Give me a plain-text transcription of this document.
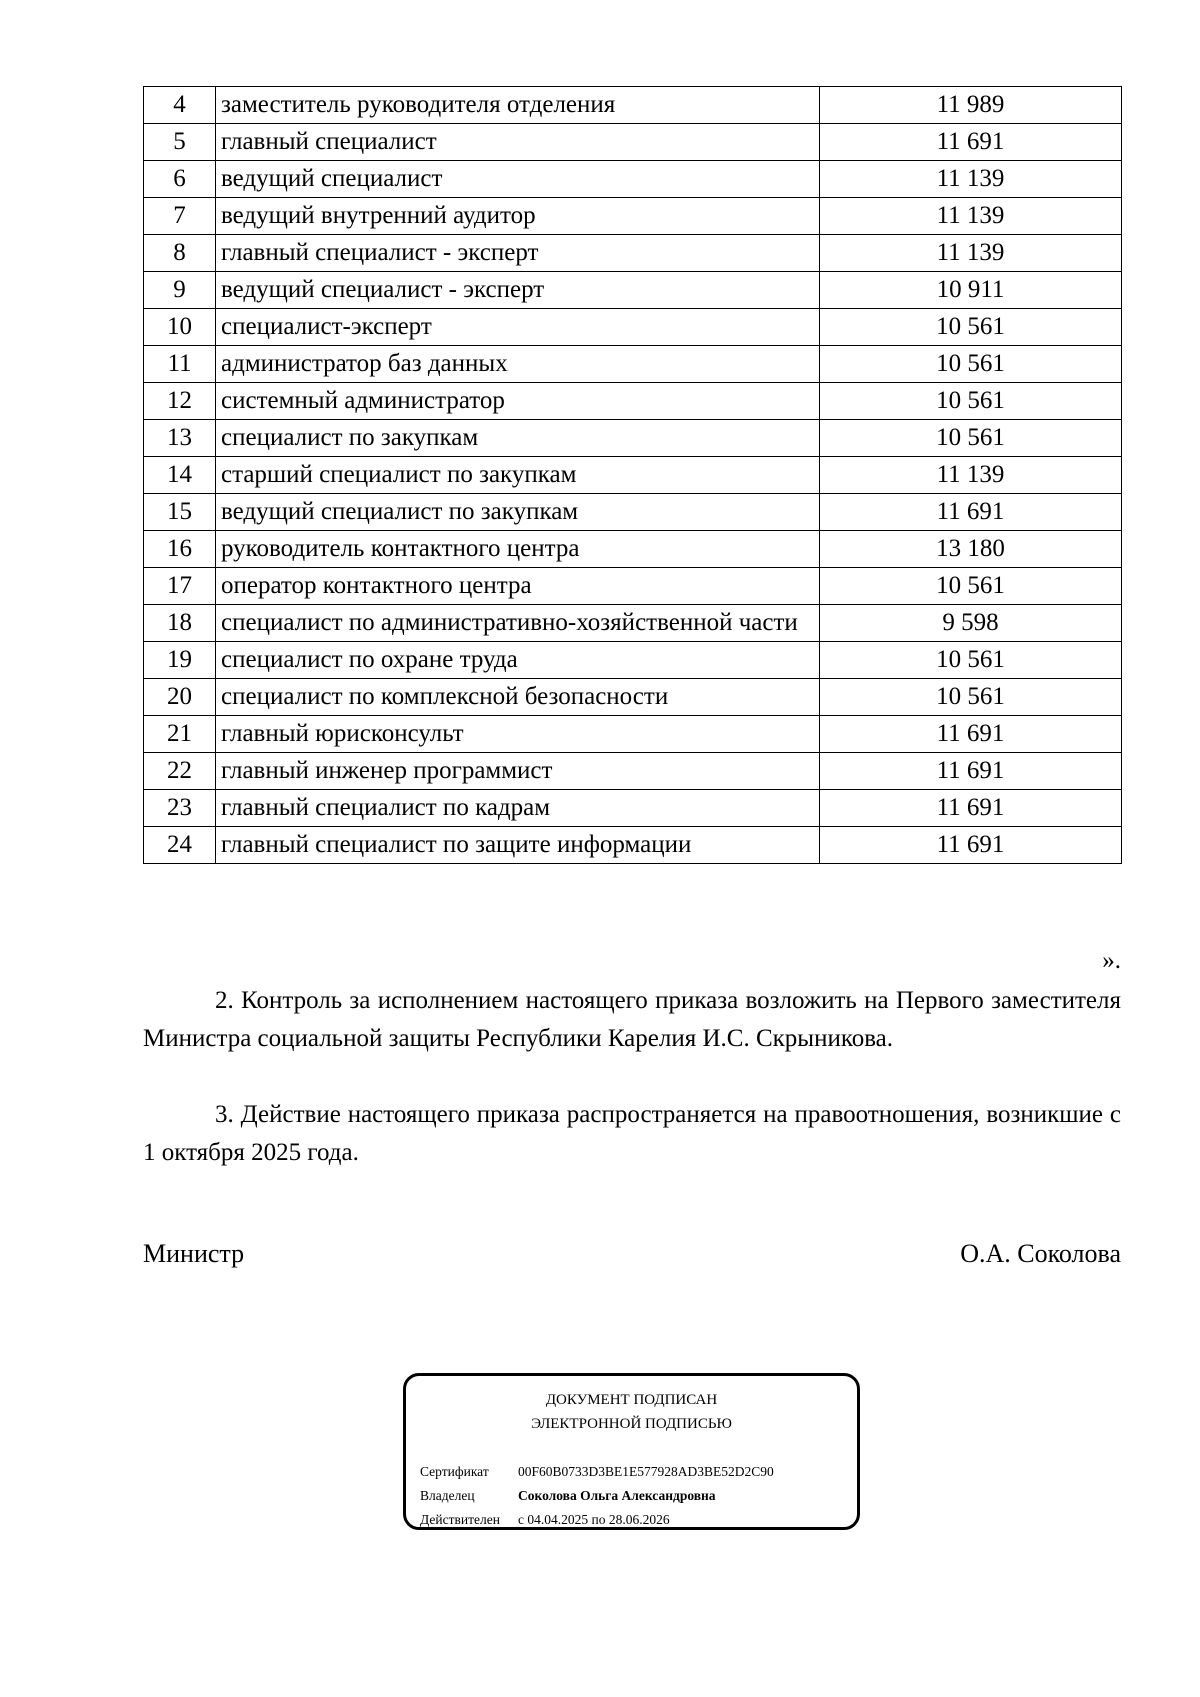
4	заместитель руководителя отделения	11 989
5	главный специалист	11 691
6	ведущий специалист	11 139
7	ведущий внутренний аудитор	11 139
8	главный специалист - эксперт	11 139
9	ведущий специалист - эксперт	10 911
10	специалист-эксперт	10 561
11	администратор баз данных	10 561
12	системный администратор	10 561
13	специалист по закупкам	10 561
14	старший специалист по закупкам	11 139
15	ведущий специалист по закупкам	11 691
16	руководитель контактного центра	13 180
17	оператор контактного центра	10 561
18	специалист по административно-хозяйственной части	9 598
19	специалист по охране труда	10 561
20	специалист по комплексной безопасности	10 561
21	главный юрисконсульт	11 691
22	главный инженер программист	11 691
23	главный специалист по кадрам	11 691
24	главный специалист по защите информации	11 691
».

2. Контроль за исполнением настоящего приказа возложить на Первого заместителя Министра социальной защиты Республики Карелия И.С. Скрыникова.

3. Действие настоящего приказа распространяется на правоотношения, возникшие с 1 октября 2025 года.

Министр	О.А. Соколова
ДОКУМЕНТ ПОДПИСАН
ЭЛЕКТРОННОЙ ПОДПИСЬЮ
Сертификат 00F60B0733D3BE1E577928AD3BE52D2C90
Владелец	Соколова Ольга Александровна
Действителен с 04.04.2025 по 28.06.2026
